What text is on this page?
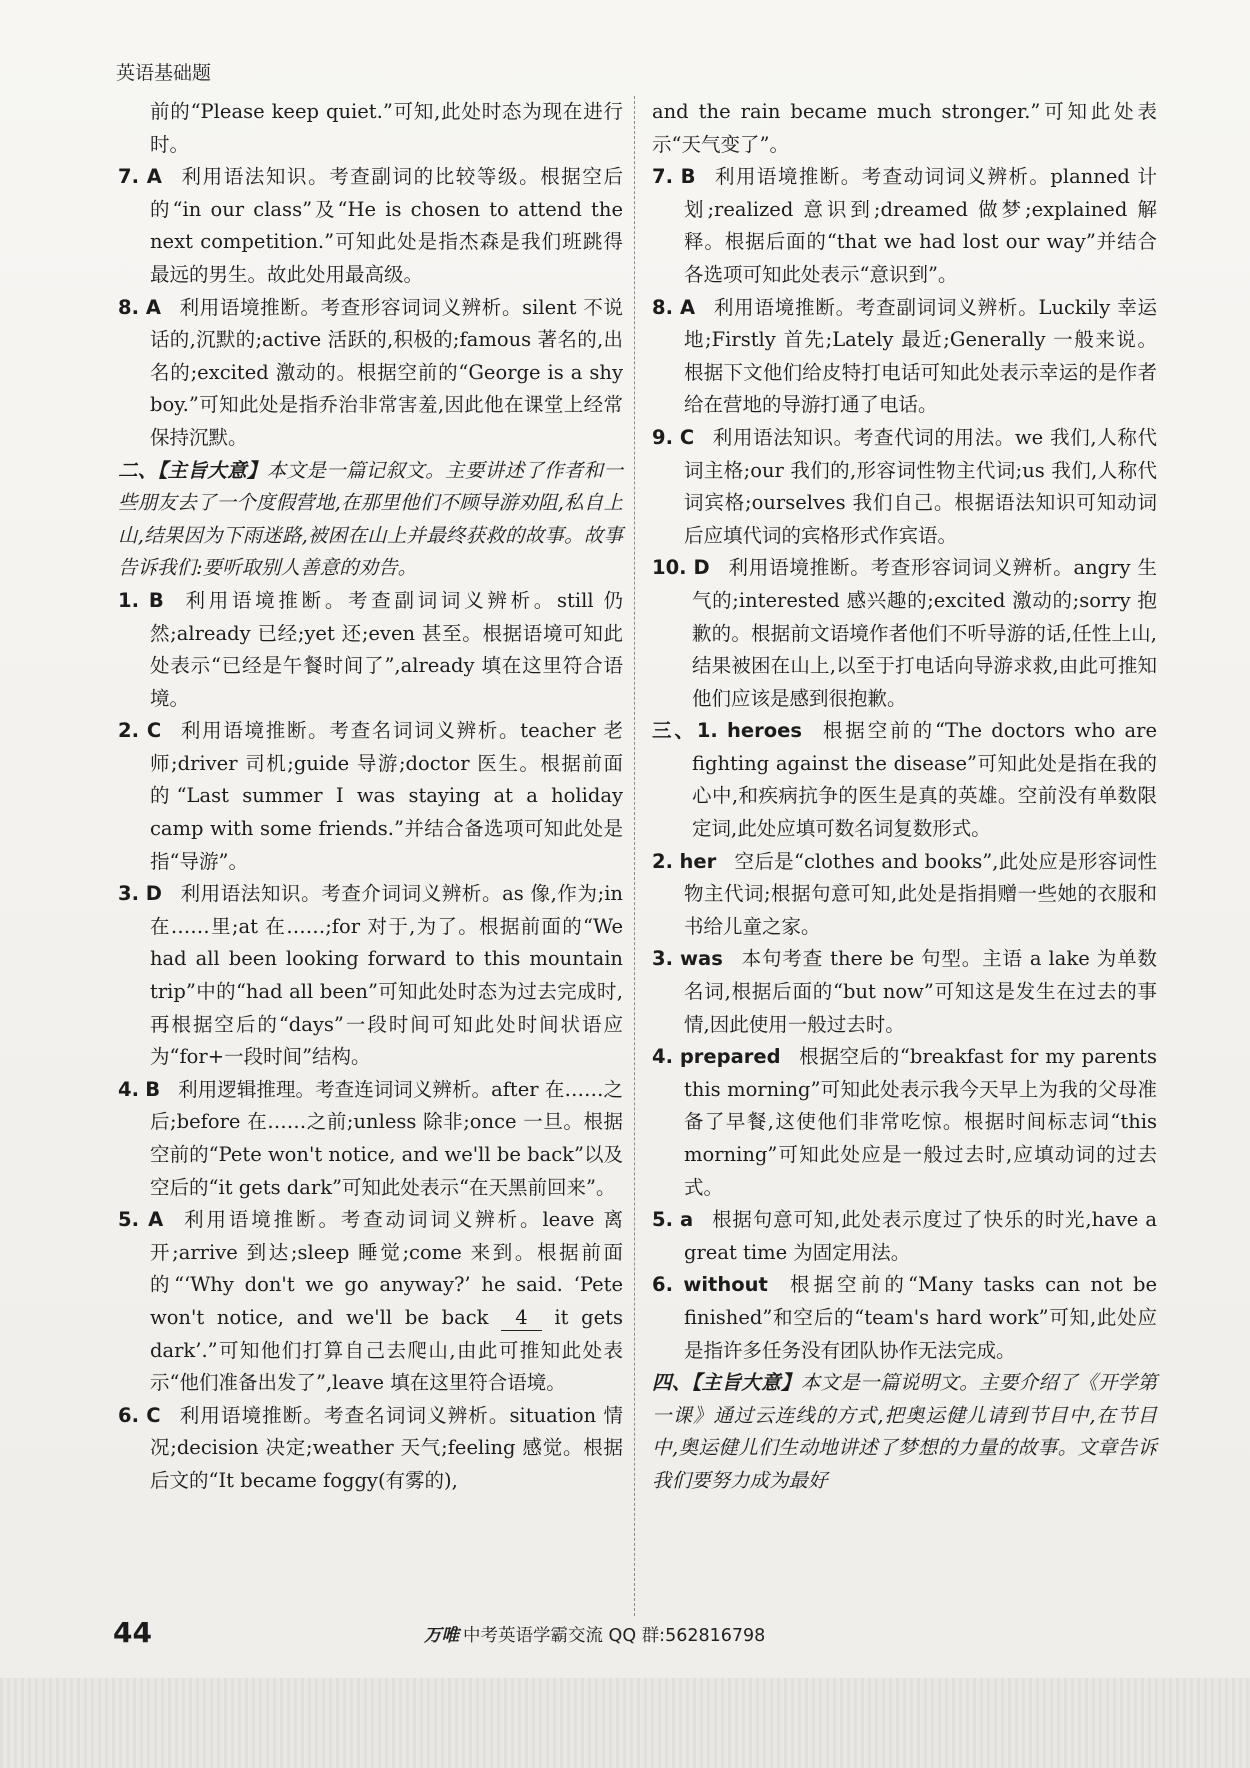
英语基础题

前的“Please keep quiet.”可知,此处时态为现在进行时。

7. A 利用语法知识。考查副词的比较等级。根据空后的“in our class”及“He is chosen to attend the next competition.”可知此处是指杰森是我们班跳得最远的男生。故此处用最高级。

8. A 利用语境推断。考查形容词词义辨析。silent 不说话的,沉默的;active 活跃的,积极的;famous 著名的,出名的;excited 激动的。根据空前的“George is a shy boy.”可知此处是指乔治非常害羞,因此他在课堂上经常保持沉默。

二、【主旨大意】本文是一篇记叙文。主要讲述了作者和一些朋友去了一个度假营地,在那里他们不顾导游劝阻,私自上山,结果因为下雨迷路,被困在山上并最终获救的故事。故事告诉我们:要听取别人善意的劝告。

1. B 利用语境推断。考查副词词义辨析。still 仍然;already 已经;yet 还;even 甚至。根据语境可知此处表示“已经是午餐时间了”,already 填在这里符合语境。

2. C 利用语境推断。考查名词词义辨析。teacher 老师;driver 司机;guide 导游;doctor 医生。根据前面的“Last summer I was staying at a holiday camp with some friends.”并结合备选项可知此处是指“导游”。

3. D 利用语法知识。考查介词词义辨析。as 像,作为;in 在……里;at 在……;for 对于,为了。根据前面的“We had all been looking forward to this mountain trip”中的“had all been”可知此处时态为过去完成时,再根据空后的“days”一段时间可知此处时间状语应为“for+一段时间”结构。

4. B 利用逻辑推理。考查连词词义辨析。after 在……之后;before 在……之前;unless 除非;once 一旦。根据空前的“Pete won't notice, and we'll be back”以及空后的“it gets dark”可知此处表示“在天黑前回来”。

5. A 利用语境推断。考查动词词义辨析。leave 离开;arrive 到达;sleep 睡觉;come 来到。根据前面的“‘Why don't we go anyway?’ he said. ‘Pete won't notice, and we'll be back 4 it gets dark’.”可知他们打算自己去爬山,由此可推知此处表示“他们准备出发了”,leave 填在这里符合语境。

6. C 利用语境推断。考查名词词义辨析。situation 情况;decision 决定;weather 天气;feeling 感觉。根据后文的“It became foggy(有雾的),

and the rain became much stronger.”可知此处表示“天气变了”。

7. B 利用语境推断。考查动词词义辨析。planned 计划;realized 意识到;dreamed 做梦;explained 解释。根据后面的“that we had lost our way”并结合各选项可知此处表示“意识到”。

8. A 利用语境推断。考查副词词义辨析。Luckily 幸运地;Firstly 首先;Lately 最近;Generally 一般来说。根据下文他们给皮特打电话可知此处表示幸运的是作者给在营地的导游打通了电话。

9. C 利用语法知识。考查代词的用法。we 我们,人称代词主格;our 我们的,形容词性物主代词;us 我们,人称代词宾格;ourselves 我们自己。根据语法知识可知动词后应填代词的宾格形式作宾语。

10. D 利用语境推断。考查形容词词义辨析。angry 生气的;interested 感兴趣的;excited 激动的;sorry 抱歉的。根据前文语境作者他们不听导游的话,任性上山,结果被困在山上,以至于打电话向导游求救,由此可推知他们应该是感到很抱歉。

三、1. heroes 根据空前的“The doctors who are fighting against the disease”可知此处是指在我的心中,和疾病抗争的医生是真的英雄。空前没有单数限定词,此处应填可数名词复数形式。

2. her 空后是“clothes and books”,此处应是形容词性物主代词;根据句意可知,此处是指捐赠一些她的衣服和书给儿童之家。

3. was 本句考查 there be 句型。主语 a lake 为单数名词,根据后面的“but now”可知这是发生在过去的事情,因此使用一般过去时。

4. prepared 根据空后的“breakfast for my parents this morning”可知此处表示我今天早上为我的父母准备了早餐,这使他们非常吃惊。根据时间标志词“this morning”可知此处应是一般过去时,应填动词的过去式。

5. a 根据句意可知,此处表示度过了快乐的时光,have a great time 为固定用法。

6. without 根据空前的“Many tasks can not be finished”和空后的“team's hard work”可知,此处应是指许多任务没有团队协作无法完成。

四、【主旨大意】本文是一篇说明文。主要介绍了《开学第一课》通过云连线的方式,把奥运健儿请到节目中,在节目中,奥运健儿们生动地讲述了梦想的力量的故事。文章告诉我们要努力成为最好

44	万唯 中考英语学霸交流 QQ 群:562816798
